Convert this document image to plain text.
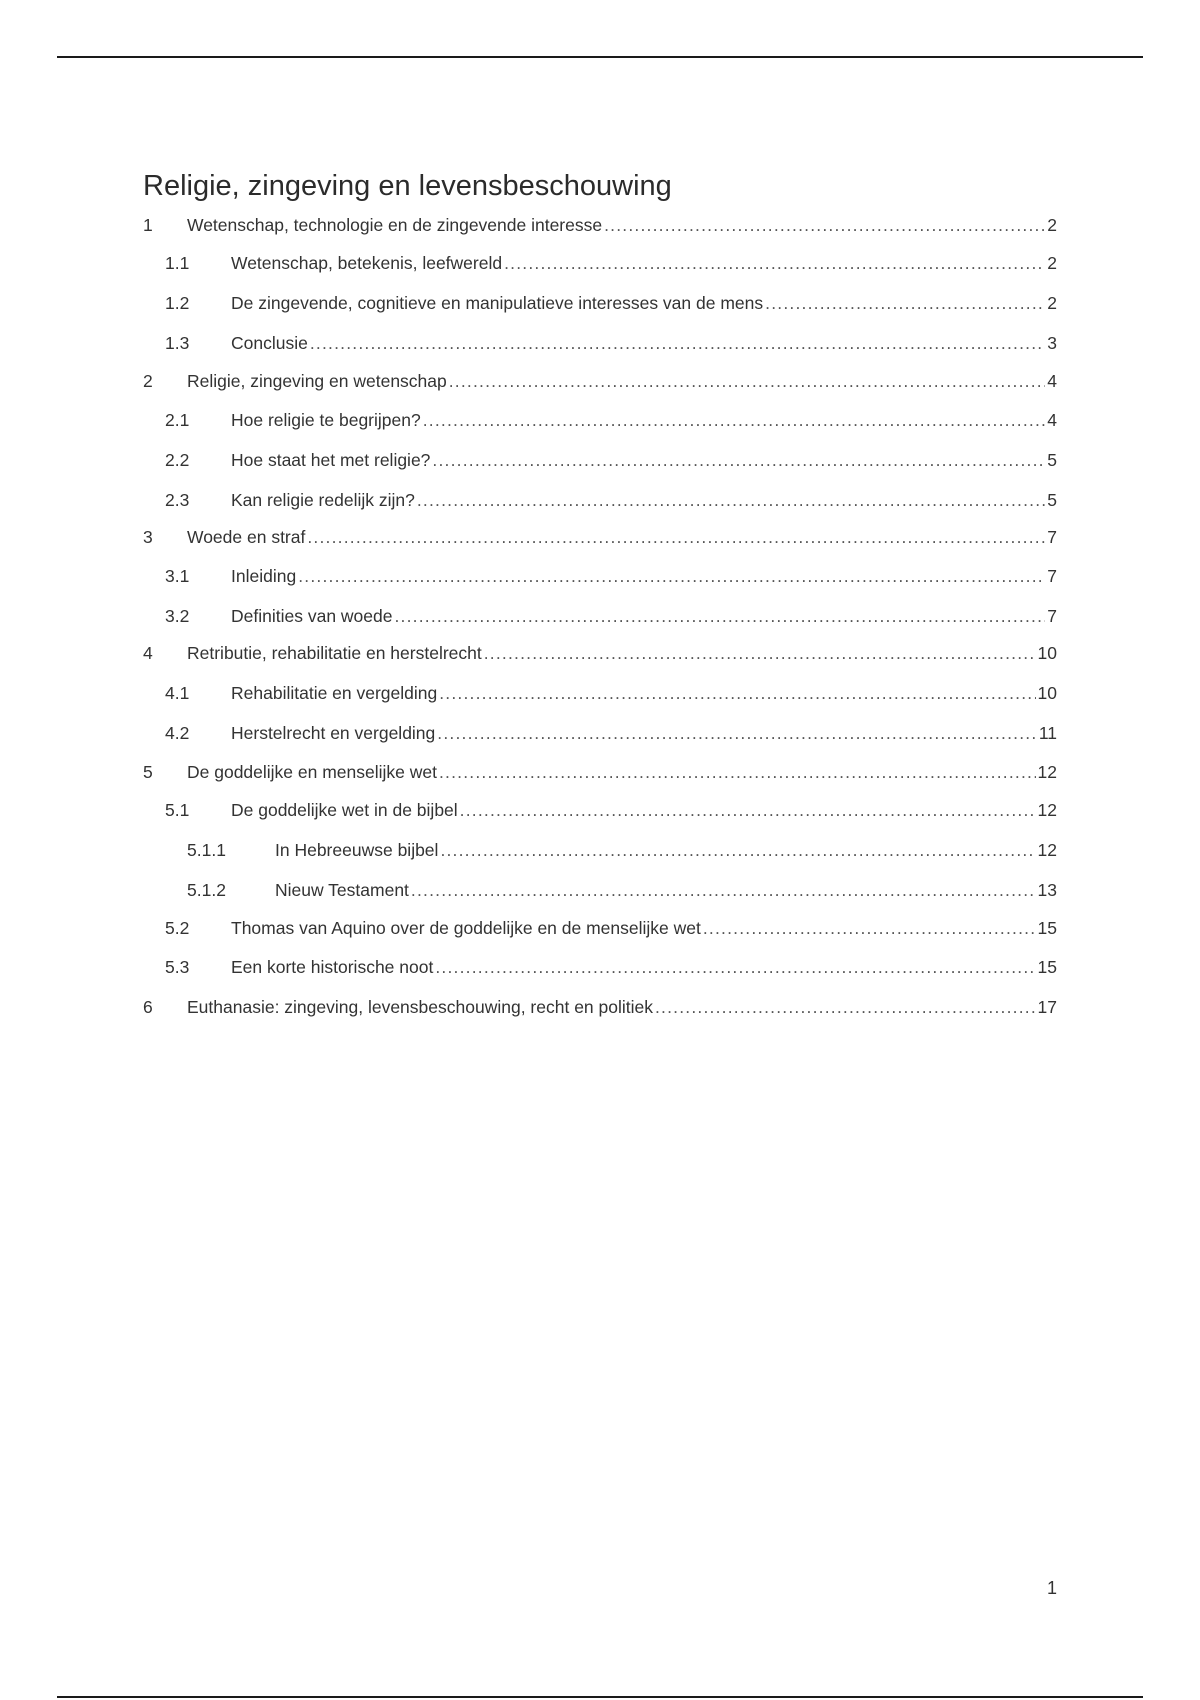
Religie, zingeving en levensbeschouwing
1 Wetenschap, technologie en de zingevende interesse .....	2
1.1 Wetenschap, betekenis, leefwereld .....	2
1.2 De zingevende, cognitieve en manipulatieve interesses van de mens .....	2
1.3 Conclusie .....	3
2 Religie, zingeving en wetenschap .....	4
2.1 Hoe religie te begrijpen? .....	4
2.2 Hoe staat het met religie? .....	5
2.3 Kan religie redelijk zijn? .....	5
3 Woede en straf .....	7
3.1 Inleiding .....	7
3.2 Definities van woede .....	7
4 Retributie, rehabilitatie en herstelrecht .....	10
4.1 Rehabilitatie en vergelding .....	10
4.2 Herstelrecht en vergelding .....	11
5 De goddelijke en menselijke wet .....	12
5.1 De goddelijke wet in de bijbel .....	12
5.1.1	In Hebreeuwse bijbel .....	12
5.1.2	Nieuw Testament .....	13
5.2 Thomas van Aquino over de goddelijke en de menselijke wet .....	15
5.3 Een korte historische noot .....	15
6 Euthanasie: zingeving, levensbeschouwing, recht en politiek .....	17
1
